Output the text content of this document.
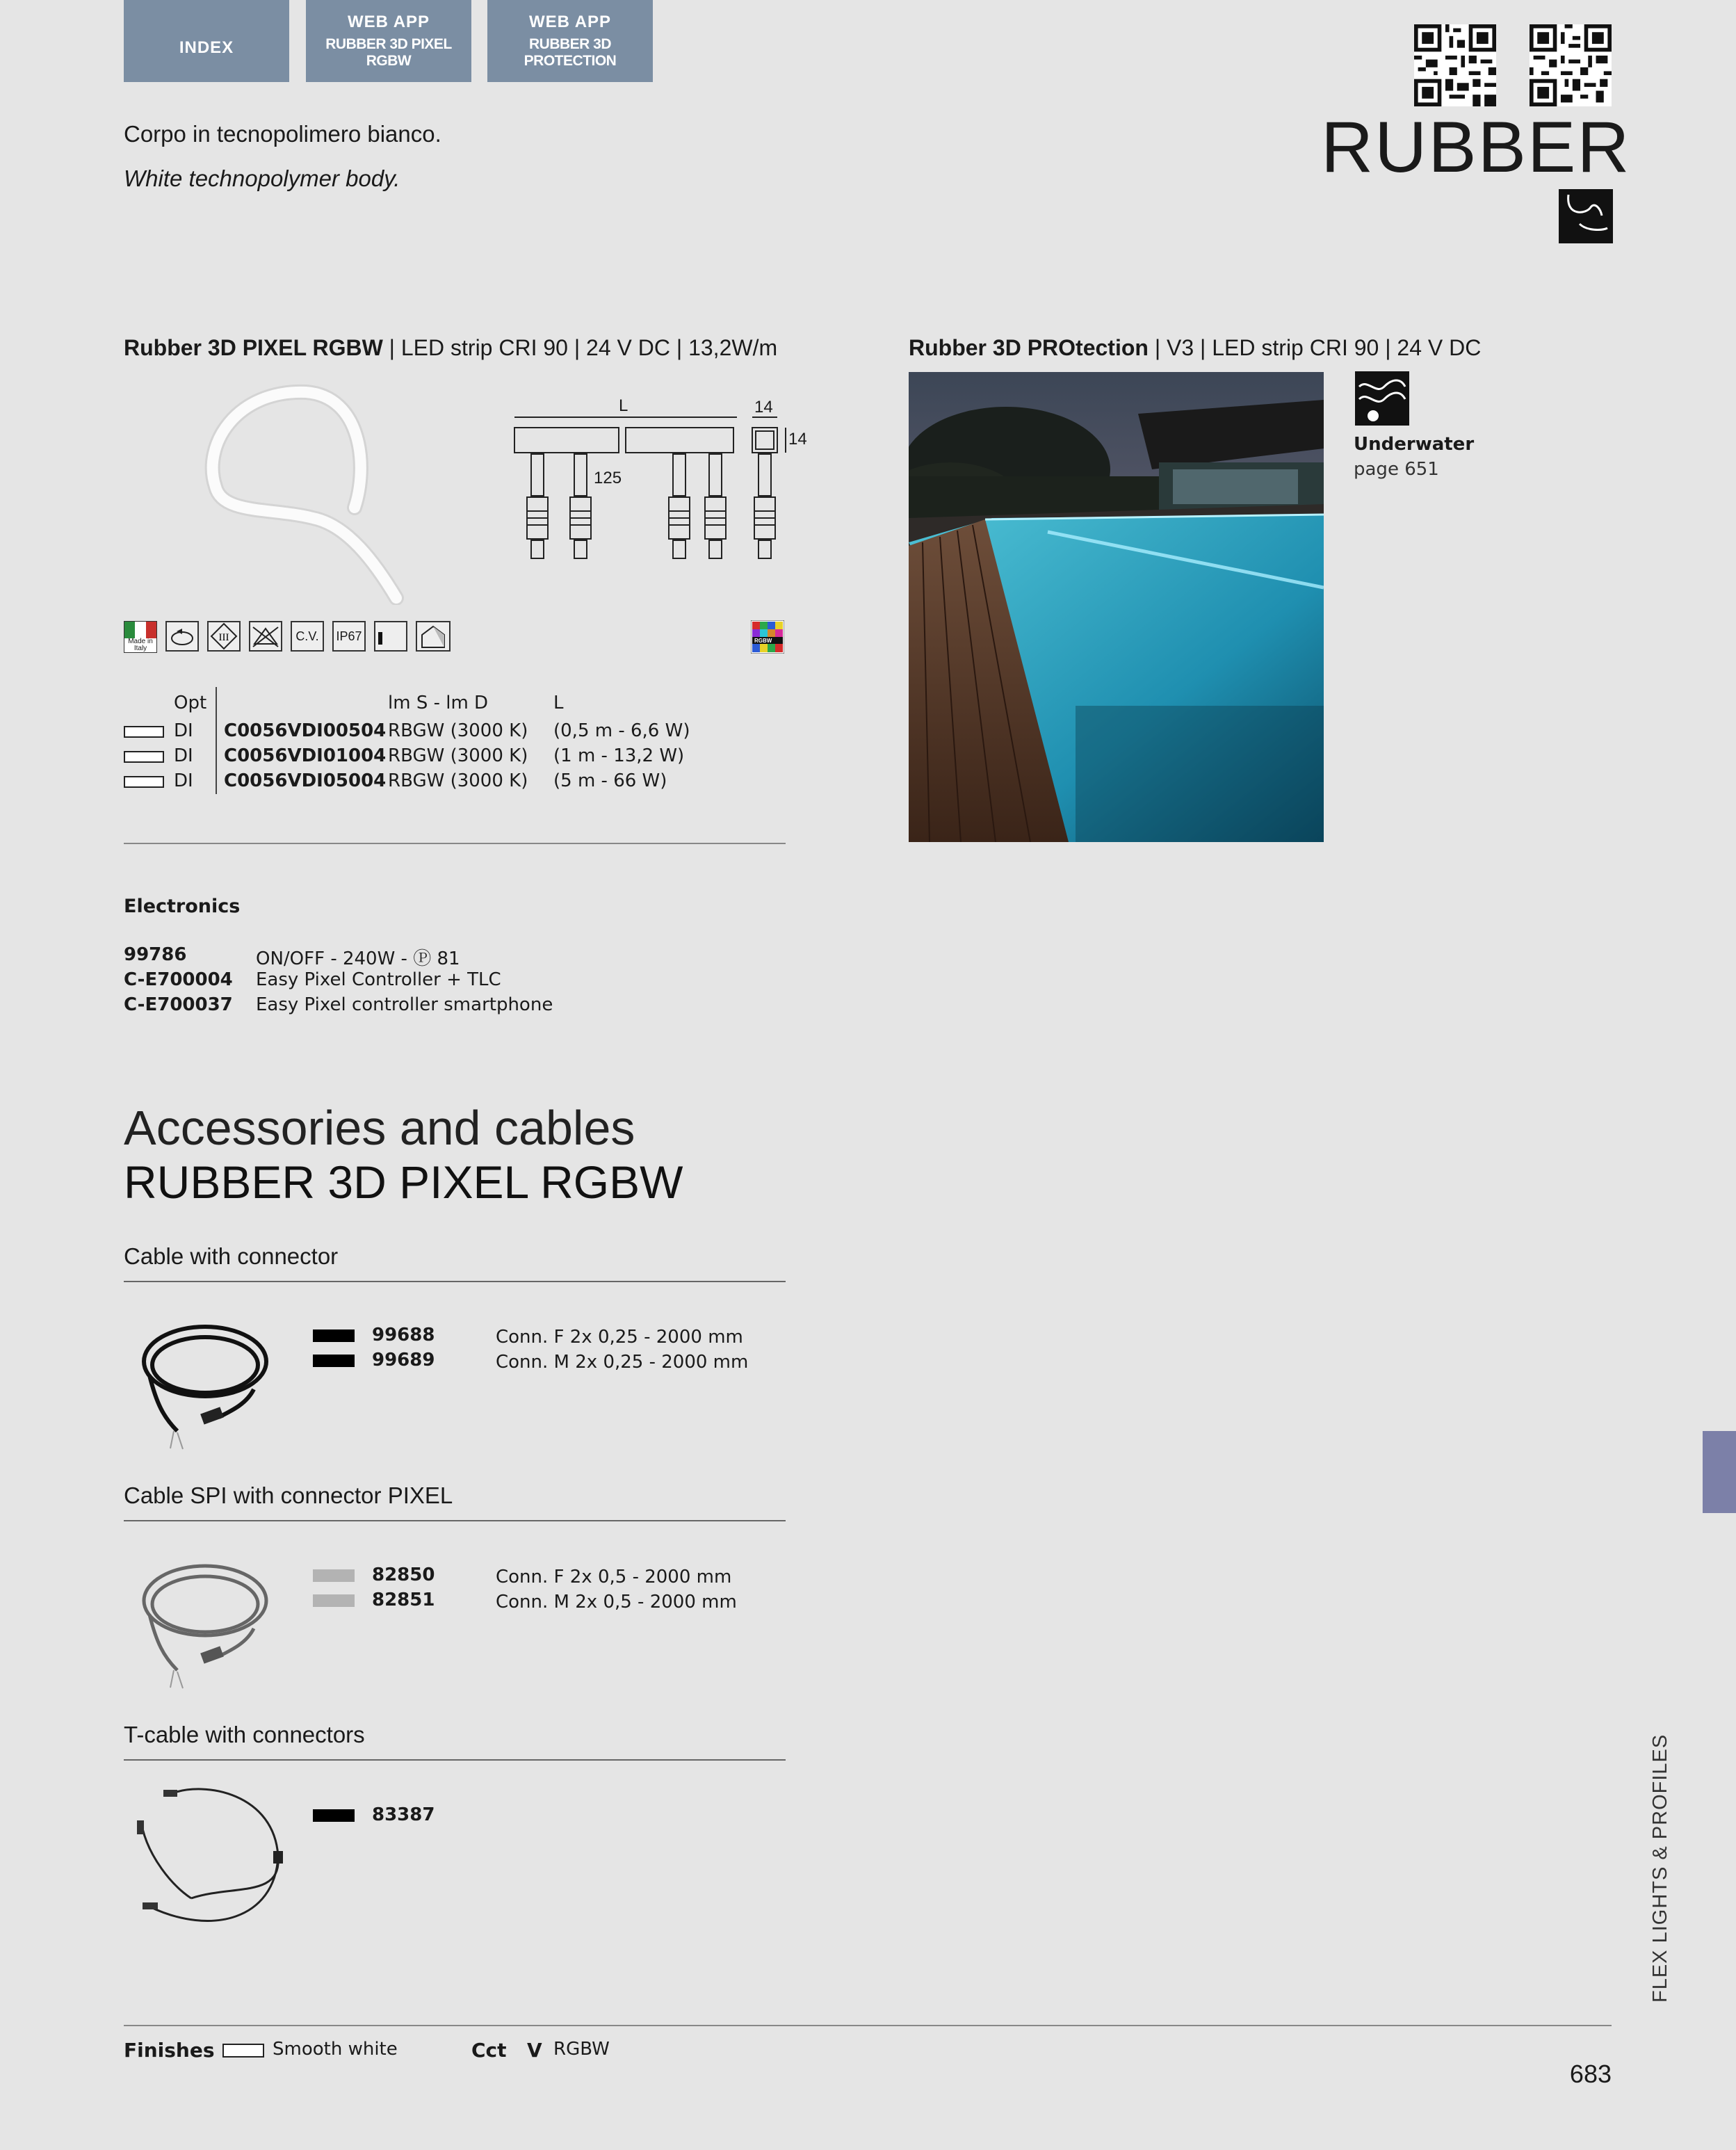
INDEX
WEB APP
RUBBER 3D PIXEL RGBW
WEB APP
RUBBER 3D PROTECTION
RUBBER
Corpo in tecnopolimero bianco.
White technopolymer body.
Rubber 3D PIXEL RGBW | LED strip CRI 90 | 24 V DC | 13,2W/m
L	14
14
125
Made in Italy
III	C.V.	IP67	RGBW
Opt	lm S - lm D	L
DI C0056VDI00504 RBGW (3000 K) (0,5 m - 6,6 W)
DI C0056VDI01004 RBGW (3000 K) (1 m - 13,2 W)
DI C0056VDI05004 RBGW (3000 K) (5 m - 66 W)
Rubber 3D PROtection | V3 | LED strip CRI 90 | 24 V DC
Underwater
page 651
Electronics
99786	ON/OFF - 240W - Ⓟ 81
C-E700004 Easy Pixel Controller + TLC
C-E700037 Easy Pixel controller smartphone
Accessories and cables
RUBBER 3D PIXEL RGBW
Cable with connector
99688	Conn. F 2x 0,25 - 2000 mm
99689	Conn. M 2x 0,25 - 2000 mm
Cable SPI with connector PIXEL
82850	Conn. F 2x 0,5 - 2000 mm
82851	Conn. M 2x 0,5 - 2000 mm
T-cable with connectors
83387	FLEX LIGHTS & PROFILES
Finishes	Smooth white	Cct V RGBW
683
